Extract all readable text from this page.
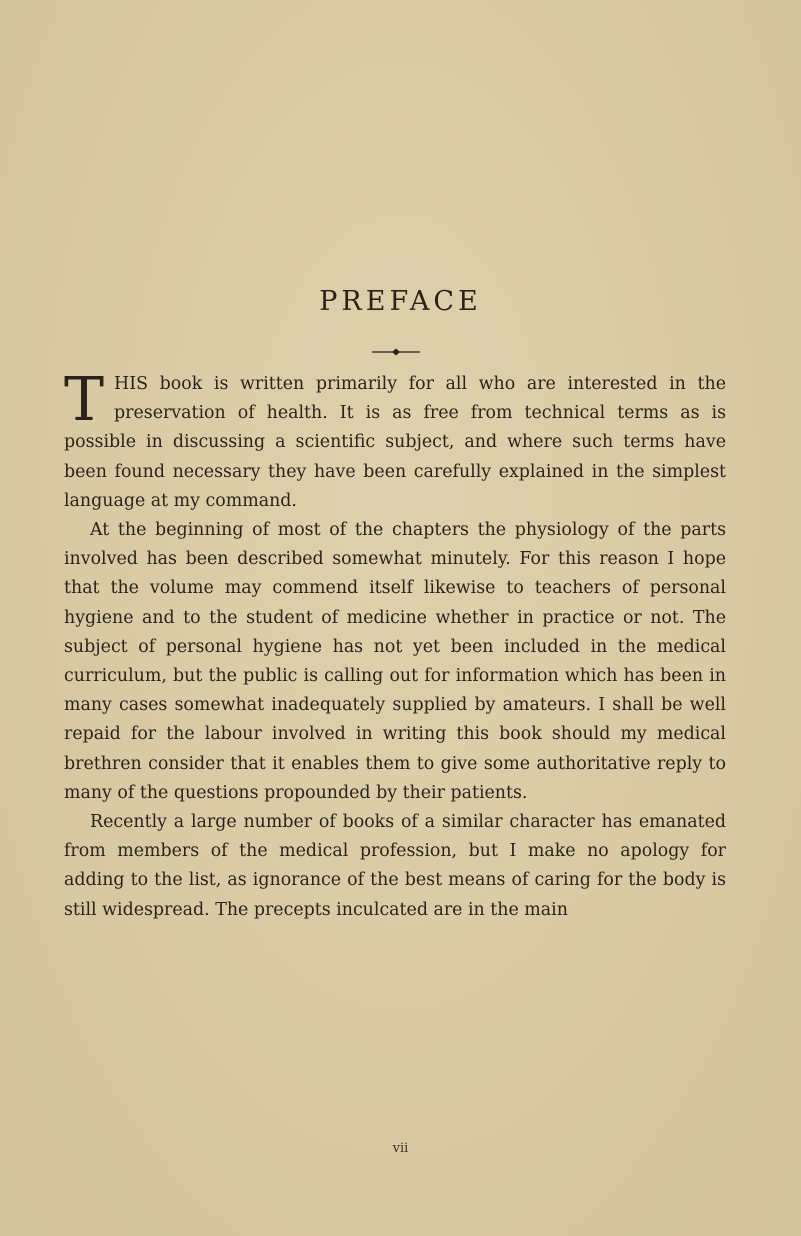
PREFACE

THIS book is written primarily for all who are interested in the preservation of health. It is as free from technical terms as is possible in discussing a scientific subject, and where such terms have been found necessary they have been carefully explained in the simplest language at my command.

At the beginning of most of the chapters the physiology of the parts involved has been described somewhat minutely. For this reason I hope that the volume may commend itself likewise to teachers of personal hygiene and to the student of medicine whether in practice or not. The subject of personal hygiene has not yet been included in the medical curriculum, but the public is calling out for information which has been in many cases somewhat inadequately supplied by amateurs. I shall be well repaid for the labour involved in writing this book should my medical brethren consider that it enables them to give some authoritative reply to many of the questions propounded by their patients.

Recently a large number of books of a similar character has emanated from members of the medical profession, but I make no apology for adding to the list, as ignorance of the best means of caring for the body is still widespread. The precepts inculcated are in the main

vii
